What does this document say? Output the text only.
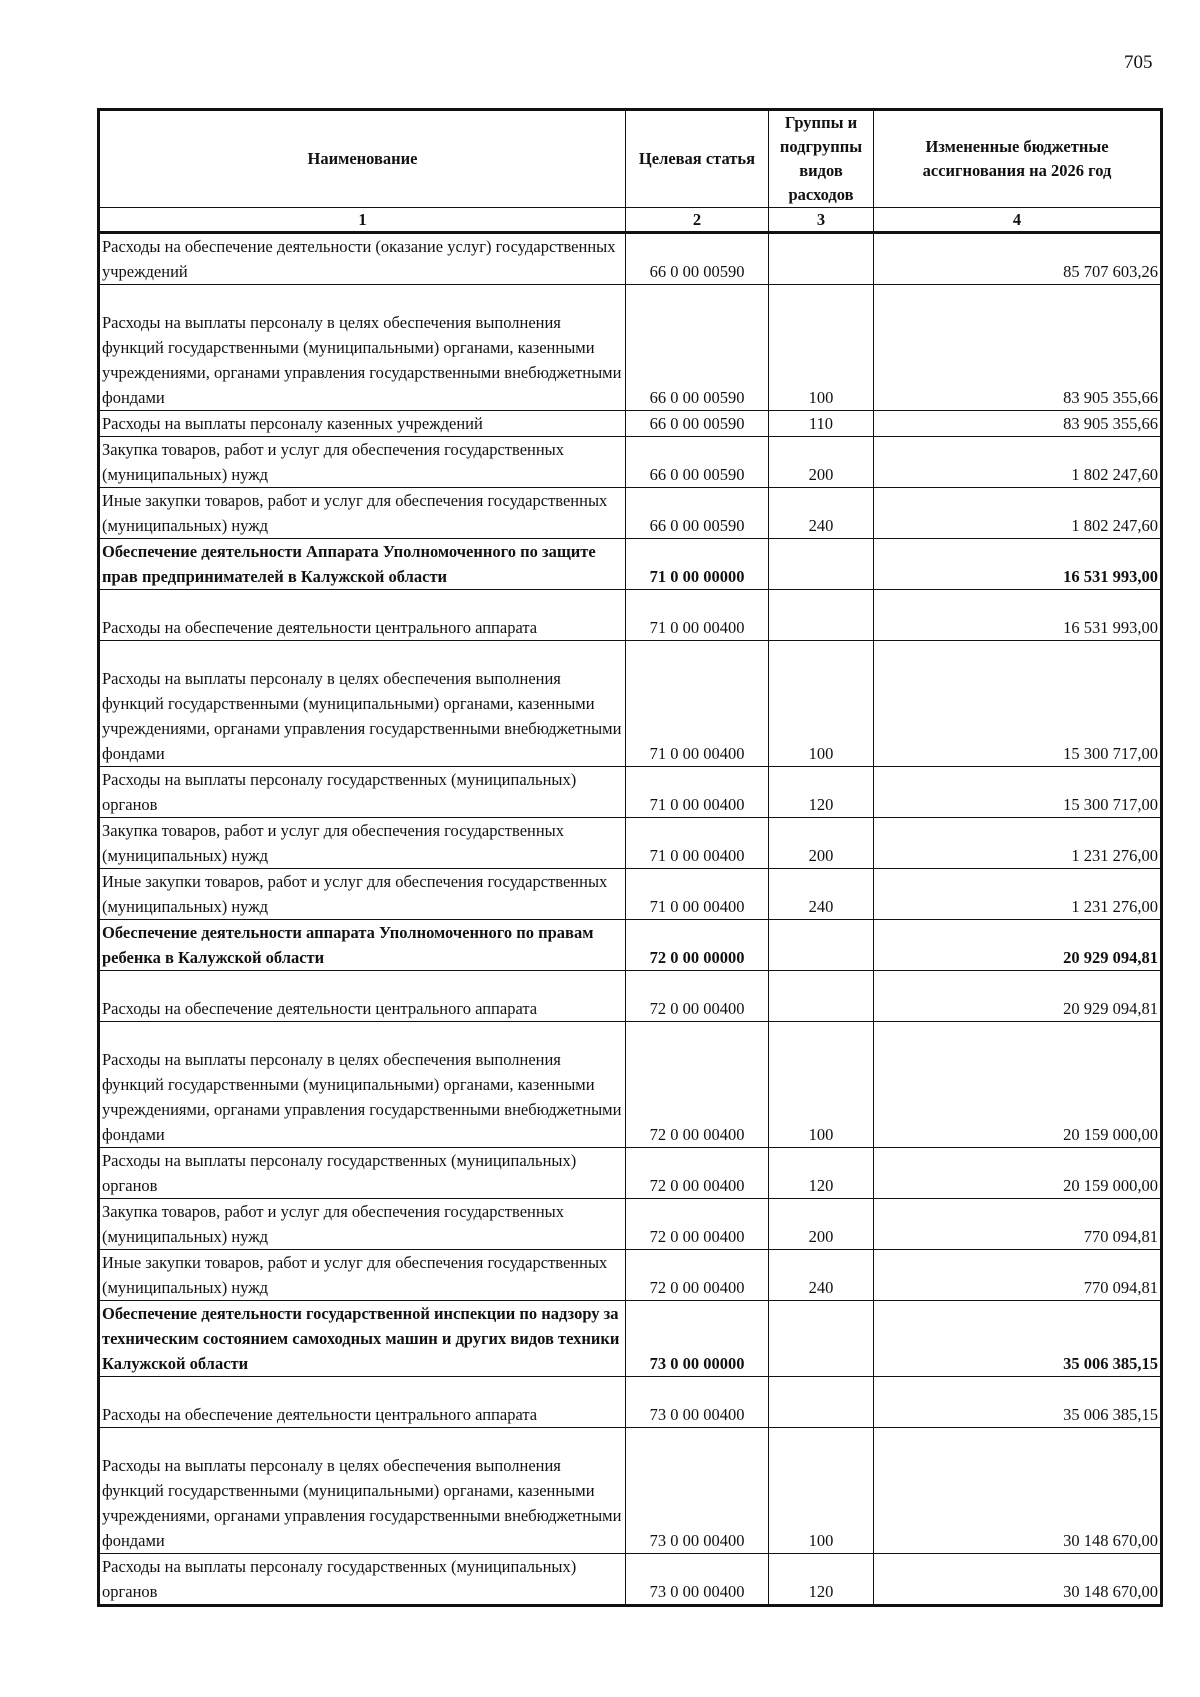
705
Наименование	Целевая статья	Группы и подгруппы видов расходов	Измененные бюджетные ассигнования на 2026 год
1	2	3	4
Расходы на обеспечение деятельности (оказание услуг) государственных учреждений	66 0 00 00590		85 707 603,26
Расходы на выплаты персоналу в целях обеспечения выполнения функций государственными (муниципальными) органами, казенными учреждениями, органами управления государственными внебюджетными фондами	66 0 00 00590	100	83 905 355,66
Расходы на выплаты персоналу казенных учреждений	66 0 00 00590	110	83 905 355,66
Закупка товаров, работ и услуг для обеспечения государственных (муниципальных) нужд	66 0 00 00590	200	1 802 247,60
Иные закупки товаров, работ и услуг для обеспечения государственных (муниципальных) нужд	66 0 00 00590	240	1 802 247,60
Обеспечение деятельности Аппарата Уполномоченного по защите прав предпринимателей в Калужской области	71 0 00 00000		16 531 993,00
Расходы на обеспечение деятельности центрального аппарата	71 0 00 00400		16 531 993,00
Расходы на выплаты персоналу в целях обеспечения выполнения функций государственными (муниципальными) органами, казенными учреждениями, органами управления государственными внебюджетными фондами	71 0 00 00400	100	15 300 717,00
Расходы на выплаты персоналу государственных (муниципальных) органов	71 0 00 00400	120	15 300 717,00
Закупка товаров, работ и услуг для обеспечения государственных (муниципальных) нужд	71 0 00 00400	200	1 231 276,00
Иные закупки товаров, работ и услуг для обеспечения государственных (муниципальных) нужд	71 0 00 00400	240	1 231 276,00
Обеспечение деятельности аппарата Уполномоченного по правам ребенка в Калужской области	72 0 00 00000		20 929 094,81
Расходы на обеспечение деятельности центрального аппарата	72 0 00 00400		20 929 094,81
Расходы на выплаты персоналу в целях обеспечения выполнения функций государственными (муниципальными) органами, казенными учреждениями, органами управления государственными внебюджетными фондами	72 0 00 00400	100	20 159 000,00
Расходы на выплаты персоналу государственных (муниципальных) органов	72 0 00 00400	120	20 159 000,00
Закупка товаров, работ и услуг для обеспечения государственных (муниципальных) нужд	72 0 00 00400	200	770 094,81
Иные закупки товаров, работ и услуг для обеспечения государственных (муниципальных) нужд	72 0 00 00400	240	770 094,81
Обеспечение деятельности государственной инспекции по надзору за техническим состоянием самоходных машин и других видов техники Калужской области	73 0 00 00000		35 006 385,15
Расходы на обеспечение деятельности центрального аппарата	73 0 00 00400		35 006 385,15
Расходы на выплаты персоналу в целях обеспечения выполнения функций государственными (муниципальными) органами, казенными учреждениями, органами управления государственными внебюджетными фондами	73 0 00 00400	100	30 148 670,00
Расходы на выплаты персоналу государственных (муниципальных) органов	73 0 00 00400	120	30 148 670,00
